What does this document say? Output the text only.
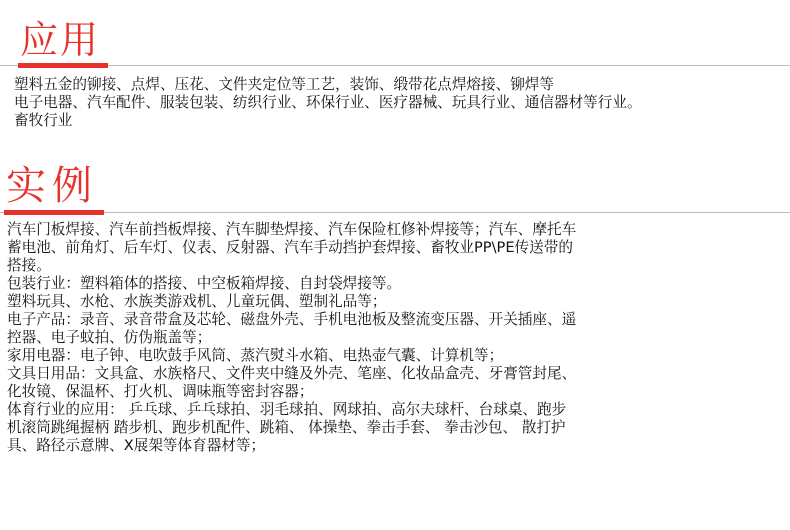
应用
塑料五金的铆接、点焊、压花、文件夹定位等工艺，装饰、缎带花点焊熔接、铆焊等
电子电器、汽车配件、服装包装、纺织行业、环保行业、医疗器械、玩具行业、通信器材等行业。
畜牧行业
实例
汽车门板焊接、汽车前挡板焊接、汽车脚垫焊接、汽车保险杠修补焊接等；汽车、摩托车
蓄电池、前角灯、后车灯、仪表、反射器、汽车手动挡护套焊接、畜牧业PP\PE传送带的
搭接。
包装行业：塑料箱体的搭接、中空板箱焊接、自封袋焊接等。
塑料玩具、水枪、水族类游戏机、儿童玩偶、塑制礼品等；
电子产品：录音、录音带盒及芯轮、磁盘外壳、手机电池板及整流变压器、开关插座、遥
控器、电子蚊拍、仿伪瓶盖等；
家用电器：电子钟、电吹鼓手风筒、蒸汽熨斗水箱、电热壶气囊、计算机等；
文具日用品：文具盒、水族格尺、文件夹中缝及外壳、笔座、化妆品盒壳、牙膏管封尾、
化妆镜、保温杯、打火机、调味瓶等密封容器；
体育行业的应用： 乒乓球、乒乓球拍、羽毛球拍、网球拍、高尔夫球杆、台球桌、跑步
机滚筒跳绳握柄 踏步机、跑步机配件、跳箱、 体操垫、拳击手套、 拳击沙包、 散打护
具、路径示意牌、X展架等体育器材等；
